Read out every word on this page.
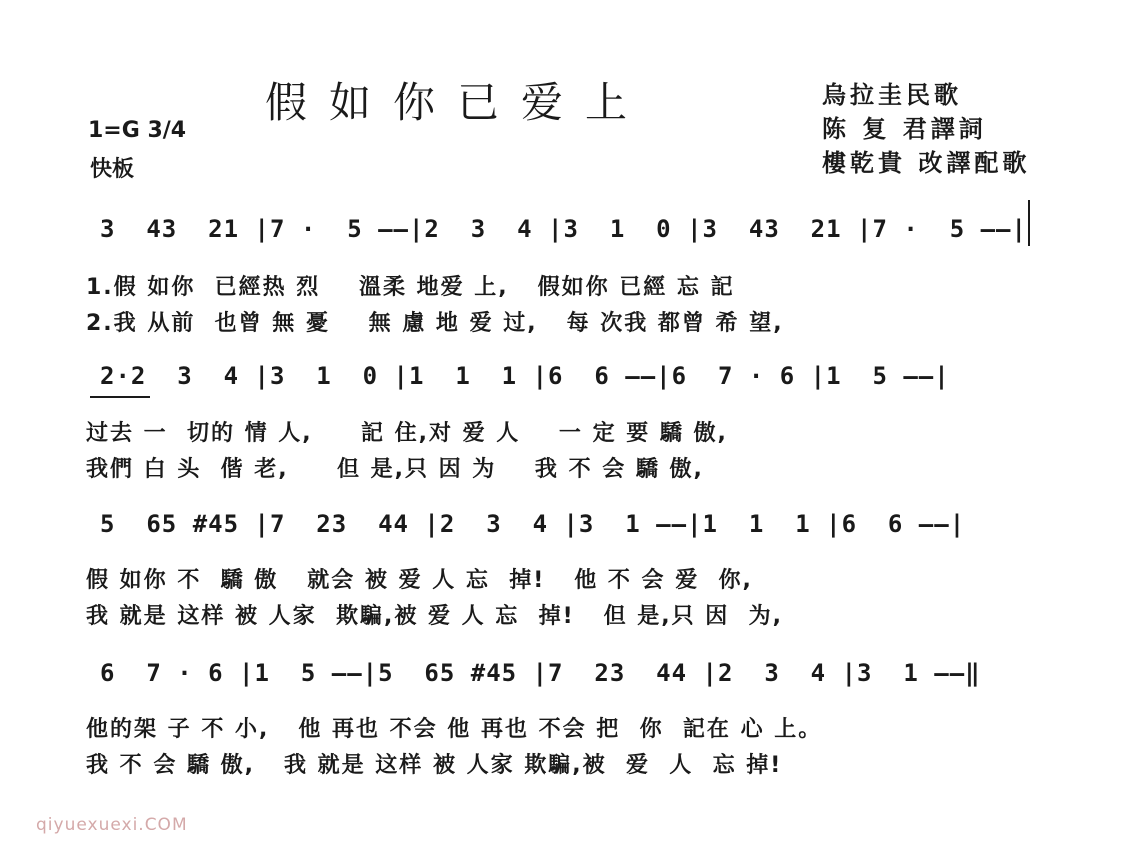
假如你已爱上
1=G 3/4
快板
烏拉圭民歌
陈 复 君譯詞
樓乾貴 改譯配歌
3  43  21 |7 ·  5 ——|2  3  4 |3  1  0 |3  43  21 |7 ·  5 ——|
1.假 如你  已經热 烈    溫柔 地爱 上,   假如你 已經 忘 記
2.我 从前  也曾 無 憂    無 慮 地 爱 过,   每 次我 都曾 希 望,
2·2  3  4 |3  1  0 |1  1  1 |6  6 ——|6  7 · 6 |1  5 ——|
过去 一  切的 情 人,     記 住,对 爱 人    一 定 要 驕 傲,
我們 白 头  偕 老,     但 是,只 因 为    我 不 会 驕 傲,
5  65 #45 |7  23  44 |2  3  4 |3  1 ——|1  1  1 |6  6 ——|
假 如你 不  驕 傲   就会 被 爱 人 忘  掉!   他 不 会 爱  你,
我 就是 这样 被 人家  欺騙,被 爱 人 忘  掉!   但 是,只 因  为,
6  7 · 6 |1  5 ——|5  65 #45 |7  23  44 |2  3  4 |3  1 ——‖
他的架 子 不 小,   他 再也 不会 他 再也 不会 把  你  記在 心 上。
我 不 会 驕 傲,   我 就是 这样 被 人家 欺騙,被  爱  人  忘 掉!
qiyuexuexi.COM
